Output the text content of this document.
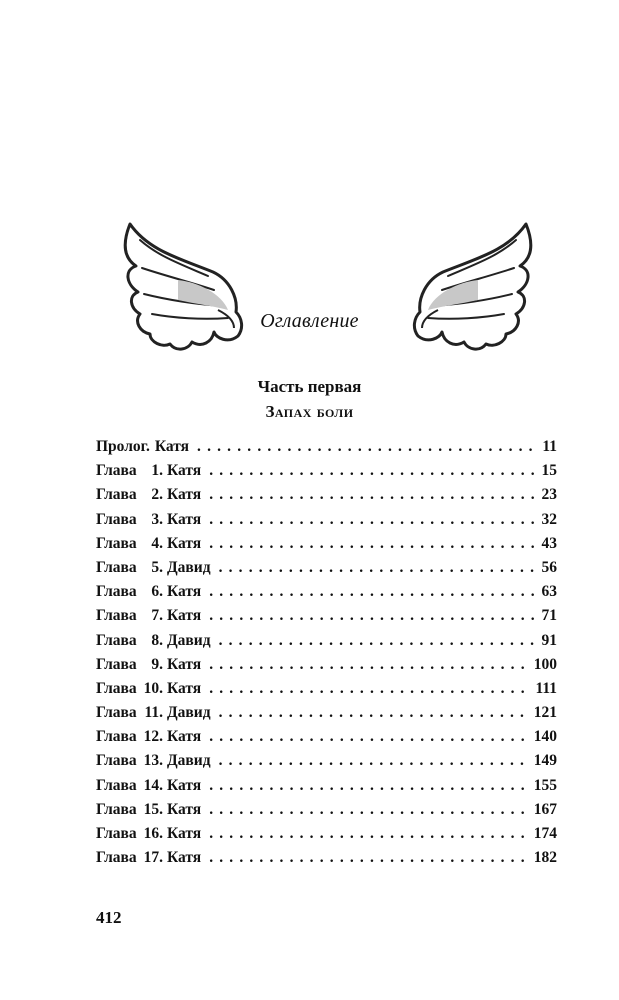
Оглавление
Часть первая
Запах боли
Пролог. Катя . . .	11
Глава 1. Катя . . .	15
Глава 2. Катя . . .	23
Глава 3. Катя . . .	32
Глава 4. Катя . . .	43
Глава 5. Давид . . .	56
Глава 6. Катя . . .	63
Глава 7. Катя . . .	71
Глава 8. Давид . . .	91
Глава 9. Катя . . .	100
Глава 10. Катя . . .	111
Глава 11. Давид . . .	121
Глава 12. Катя . . .	140
Глава 13. Давид . . .	149
Глава 14. Катя . . .	155
Глава 15. Катя . . .	167
Глава 16. Катя . . .	174
Глава 17. Катя . . .	182
412
